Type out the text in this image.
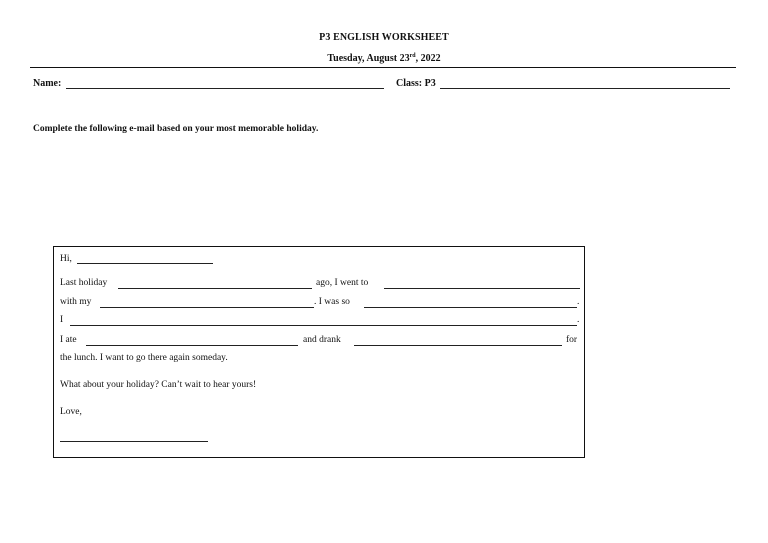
P3 ENGLISH WORKSHEET
Tuesday, August 23rd, 2022
Name:	Class: P3
Complete the following e-mail based on your most memorable holiday.
Hi,
Last holiday	ago, I went to
with my	. I was so	.
I	.
I ate	and drank	for
the lunch. I want to go there again someday.
What about your holiday? Can’t wait to hear yours!
Love,
